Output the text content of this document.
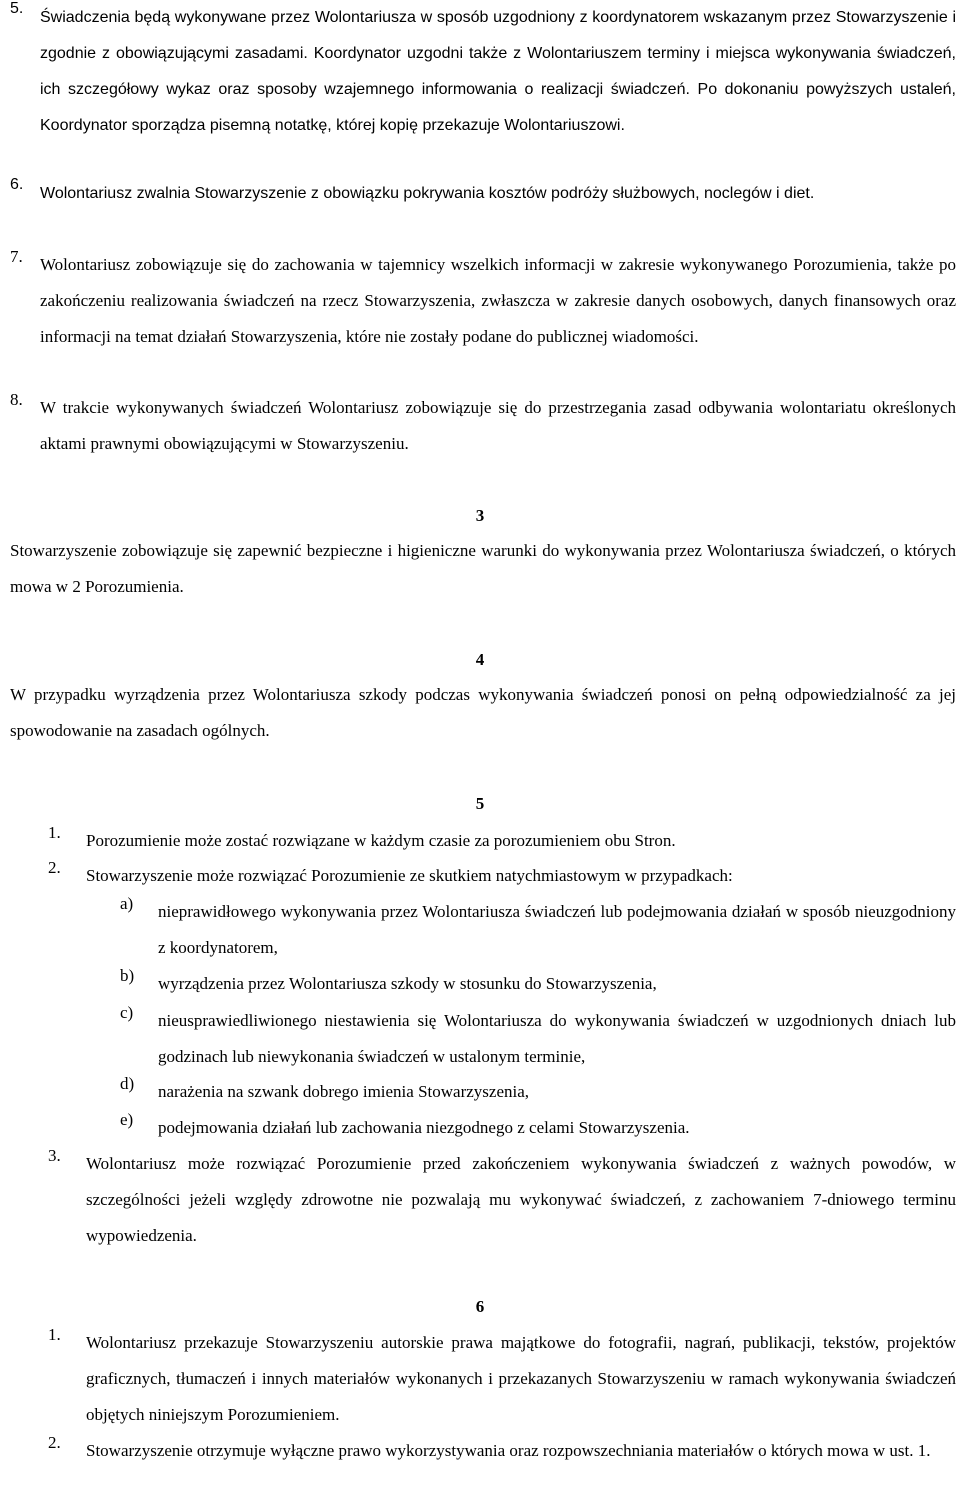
5.
Świadczenia będą wykonywane przez Wolontariusza w sposób uzgodniony z koordynatorem wskazanym przez Stowarzyszenie i zgodnie z obowiązującymi zasadami. Koordynator uzgodni także z Wolontariuszem terminy i miejsca wykonywania świadczeń, ich szczegółowy wykaz oraz sposoby wzajemnego informowania o realizacji świadczeń. Po dokonaniu powyższych ustaleń, Koordynator sporządza pisemną notatkę, której kopię przekazuje Wolontariuszowi.
6.
Wolontariusz zwalnia Stowarzyszenie z obowiązku pokrywania kosztów podróży służbowych, noclegów i diet.
7.	Wolontariusz zobowiązuje się do zachowania w tajemnicy wszelkich informacji w zakresie wykonywanego Porozumienia, także po zakończeniu realizowania świadczeń na rzecz Stowarzyszenia, zwłaszcza w zakresie danych osobowych, danych finansowych oraz informacji na temat działań Stowarzyszenia, które nie zostały podane do publicznej wiadomości.
8.	W trakcie wykonywanych świadczeń Wolontariusz zobowiązuje się do przestrzegania zasad odbywania wolontariatu określonych aktami prawnymi obowiązującymi w Stowarzyszeniu.
3
Stowarzyszenie zobowiązuje się zapewnić bezpieczne i higieniczne warunki do wykonywania przez Wolontariusza świadczeń, o których mowa w 2 Porozumienia.
4
W przypadku wyrządzenia przez Wolontariusza szkody podczas wykonywania świadczeń ponosi on pełną odpowiedzialność za jej spowodowanie na zasadach ogólnych.
5
1.	Porozumienie może zostać rozwiązane w każdym czasie za porozumieniem obu Stron.
2.	Stowarzyszenie może rozwiązać Porozumienie ze skutkiem natychmiastowym w przypadkach:
a)	nieprawidłowego wykonywania przez Wolontariusza świadczeń lub podejmowania działań w sposób nieuzgodniony z koordynatorem,
b)	wyrządzenia przez Wolontariusza szkody w stosunku do Stowarzyszenia,
c)	nieusprawiedliwionego niestawienia się Wolontariusza do wykonywania świadczeń w uzgodnionych dniach lub godzinach lub niewykonania świadczeń w ustalonym terminie,
d)	narażenia na szwank dobrego imienia Stowarzyszenia,
e)	podejmowania działań lub zachowania niezgodnego z celami Stowarzyszenia.
3.	Wolontariusz może rozwiązać Porozumienie przed zakończeniem wykonywania świadczeń z ważnych powodów, w szczególności jeżeli względy zdrowotne nie pozwalają mu wykonywać świadczeń, z zachowaniem 7-dniowego terminu wypowiedzenia.
6
1.	Wolontariusz przekazuje Stowarzyszeniu autorskie prawa majątkowe do fotografii, nagrań, publikacji, tekstów, projektów graficznych, tłumaczeń i innych materiałów wykonanych i przekazanych Stowarzyszeniu w ramach wykonywania świadczeń objętych niniejszym Porozumieniem.
2.	Stowarzyszenie otrzymuje wyłączne prawo wykorzystywania oraz rozpowszechniania materiałów o których mowa w ust. 1.
